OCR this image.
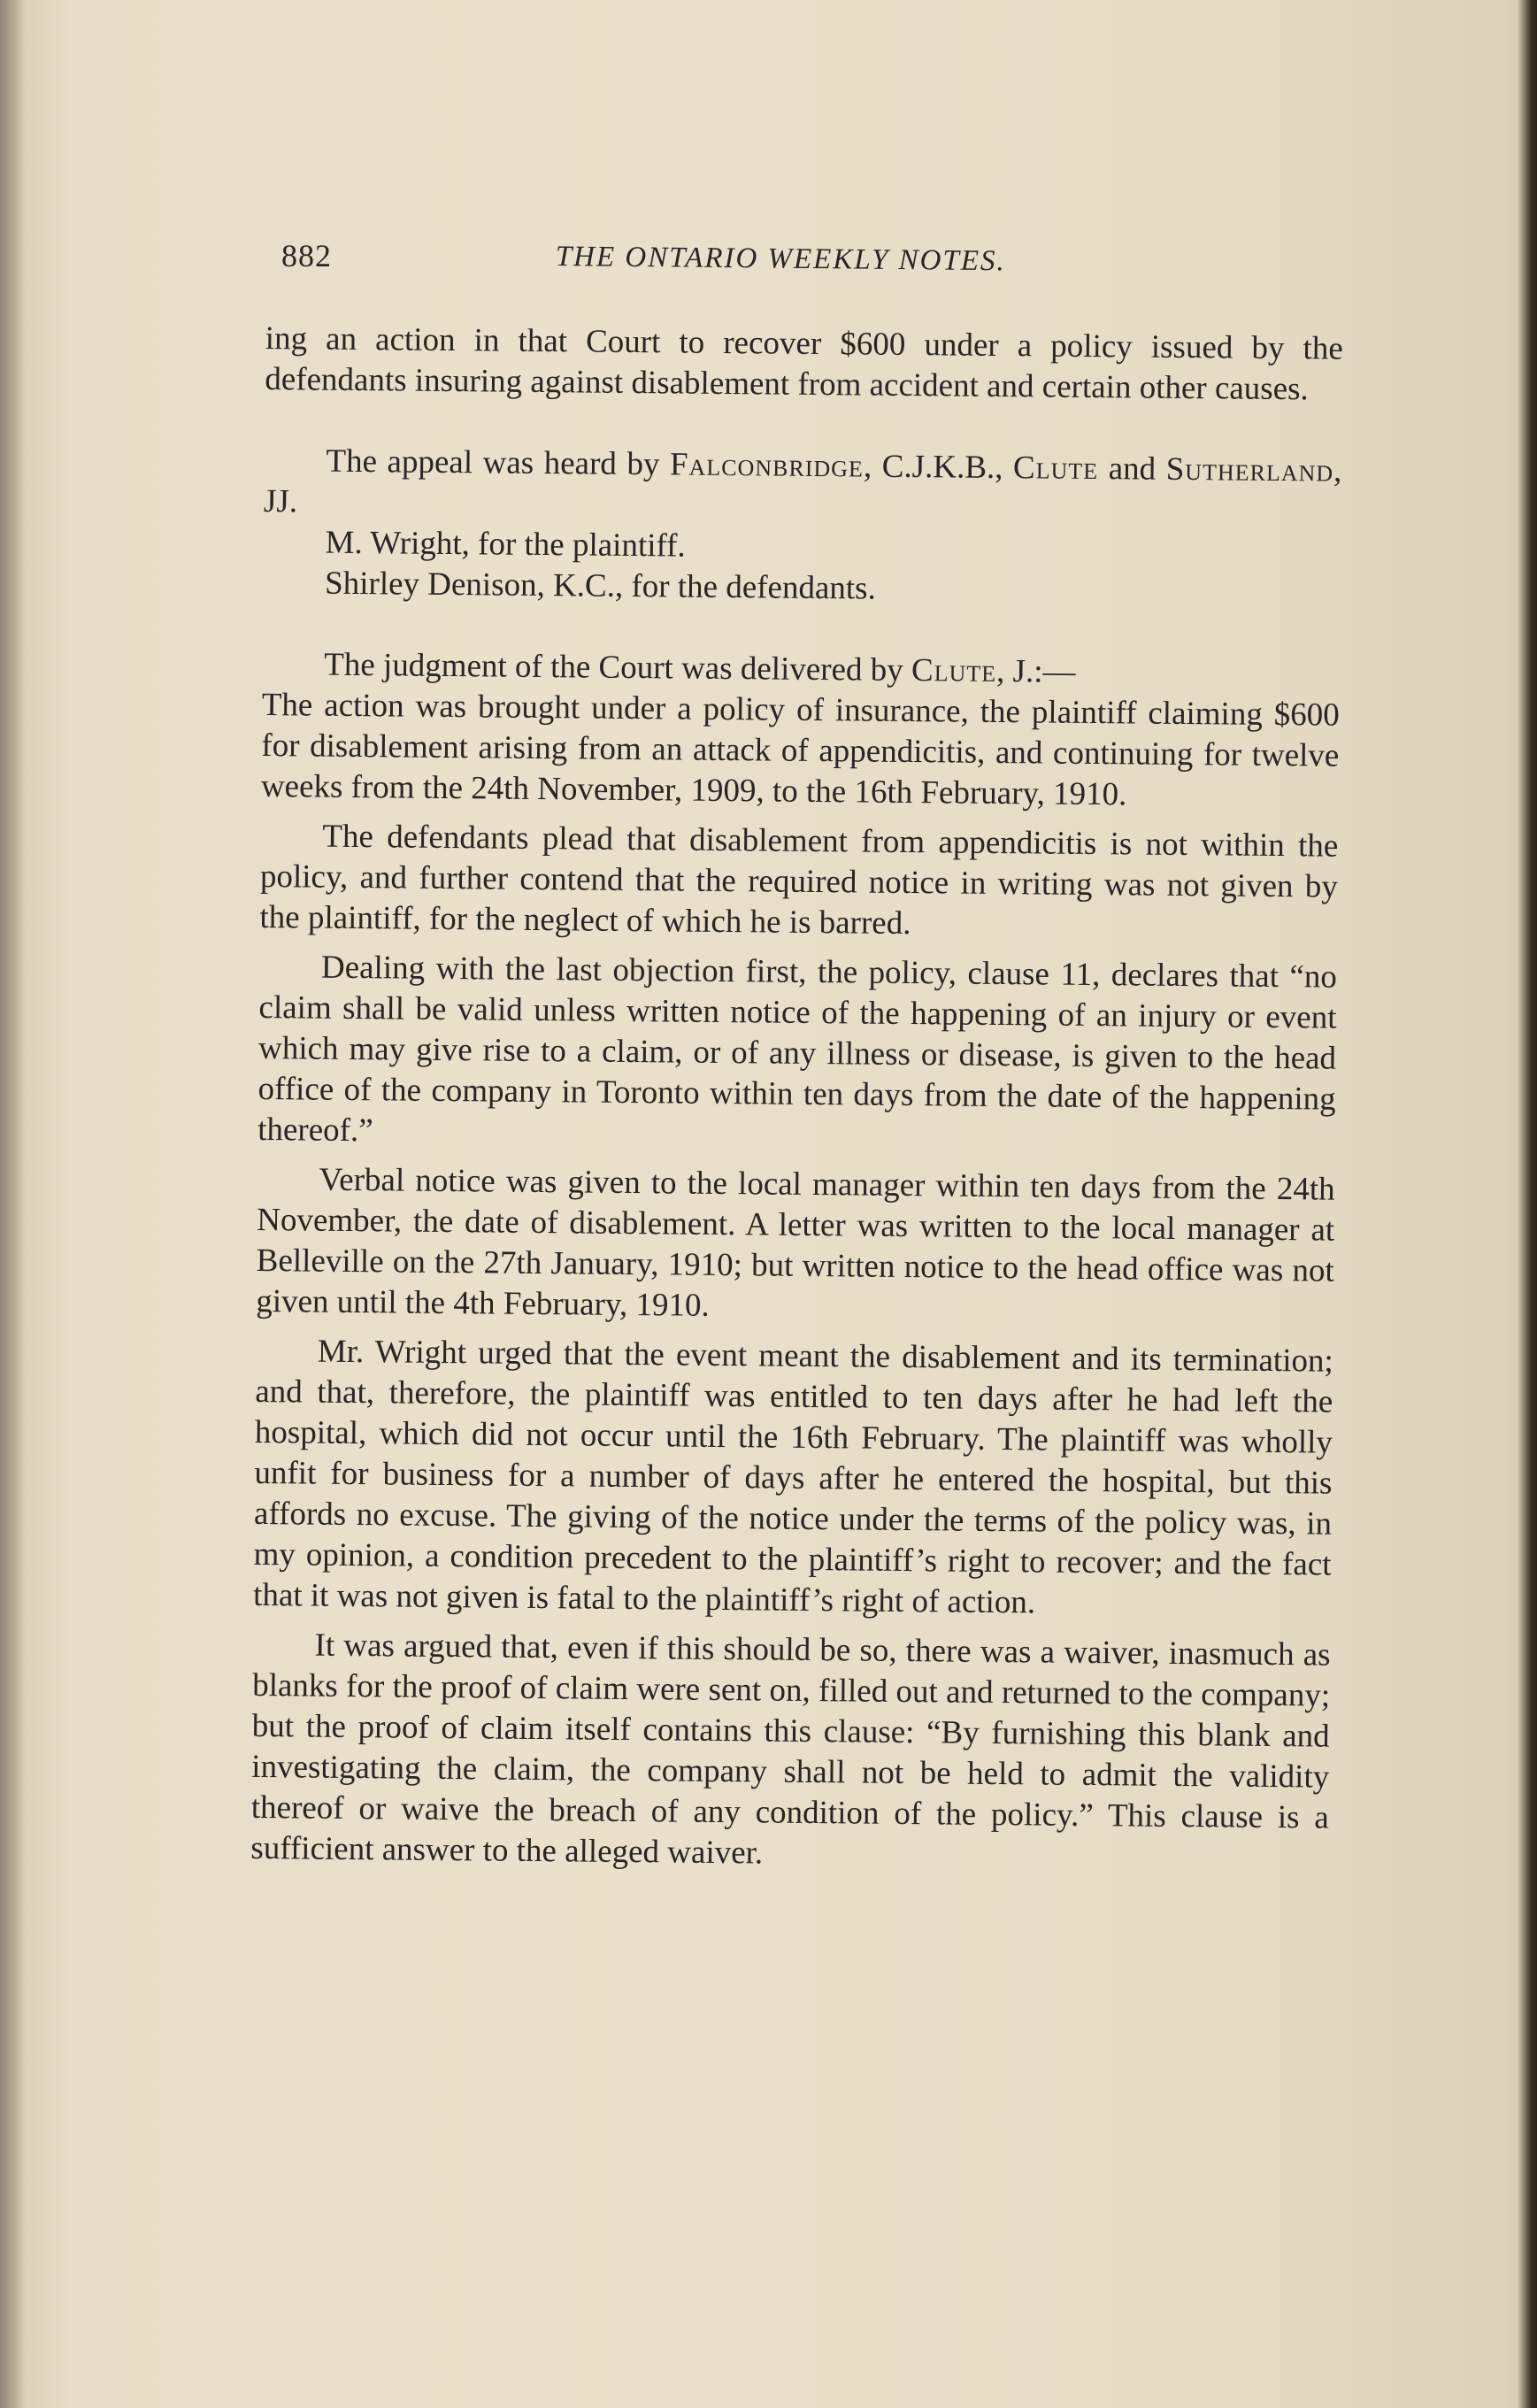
882	THE ONTARIO WEEKLY NOTES.

ing an action in that Court to recover $600 under a policy issued by the defendants insuring against disablement from accident and certain other causes.

The appeal was heard by Falconbridge, C.J.K.B., Clute and Sutherland, JJ.

M. Wright, for the plaintiff.

Shirley Denison, K.C., for the defendants.

The judgment of the Court was delivered by Clute, J.:—

The action was brought under a policy of insurance, the plaintiff claiming $600 for disablement arising from an attack of appendicitis, and continuing for twelve weeks from the 24th November, 1909, to the 16th February, 1910.

The defendants plead that disablement from appendicitis is not within the policy, and further contend that the required notice in writing was not given by the plaintiff, for the neglect of which he is barred.

Dealing with the last objection first, the policy, clause 11, declares that “no claim shall be valid unless written notice of the happening of an injury or event which may give rise to a claim, or of any illness or disease, is given to the head office of the company in Toronto within ten days from the date of the happening thereof.”

Verbal notice was given to the local manager within ten days from the 24th November, the date of disablement. A letter was written to the local manager at Belleville on the 27th January, 1910; but written notice to the head office was not given until the 4th February, 1910.

Mr. Wright urged that the event meant the disablement and its termination; and that, therefore, the plaintiff was entitled to ten days after he had left the hospital, which did not occur until the 16th February. The plaintiff was wholly unfit for business for a number of days after he entered the hospital, but this affords no excuse. The giving of the notice under the terms of the policy was, in my opinion, a condition precedent to the plaintiff’s right to recover; and the fact that it was not given is fatal to the plaintiff’s right of action.

It was argued that, even if this should be so, there was a waiver, inasmuch as blanks for the proof of claim were sent on, filled out and returned to the company; but the proof of claim itself contains this clause: “By furnishing this blank and investigating the claim, the company shall not be held to admit the validity thereof or waive the breach of any condition of the policy.” This clause is a sufficient answer to the alleged waiver.
